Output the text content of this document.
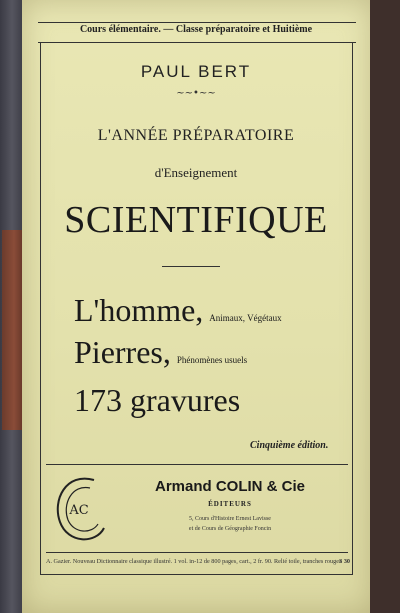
Cours élémentaire. — Classe préparatoire et Huitième
PAUL BERT
~~•~~
L'ANNÉE PRÉPARATOIRE
d'Enseignement
SCIENTIFIQUE
L'homme, Animaux, Végétaux
Pierres, Phénomènes usuels
173 gravures
Cinquième édition.
AC
Armand COLIN & Cie
ÉDITEURS
5, Cours d'Histoire Ernest Lavisse
et de Cours de Géographie Foncin
A. Gazier. Nouveau Dictionnaire classique illustré. 1 vol. in-12 de 800 pages, cart., 2 fr. 90. Relié toile, tranches rouges
3 30
